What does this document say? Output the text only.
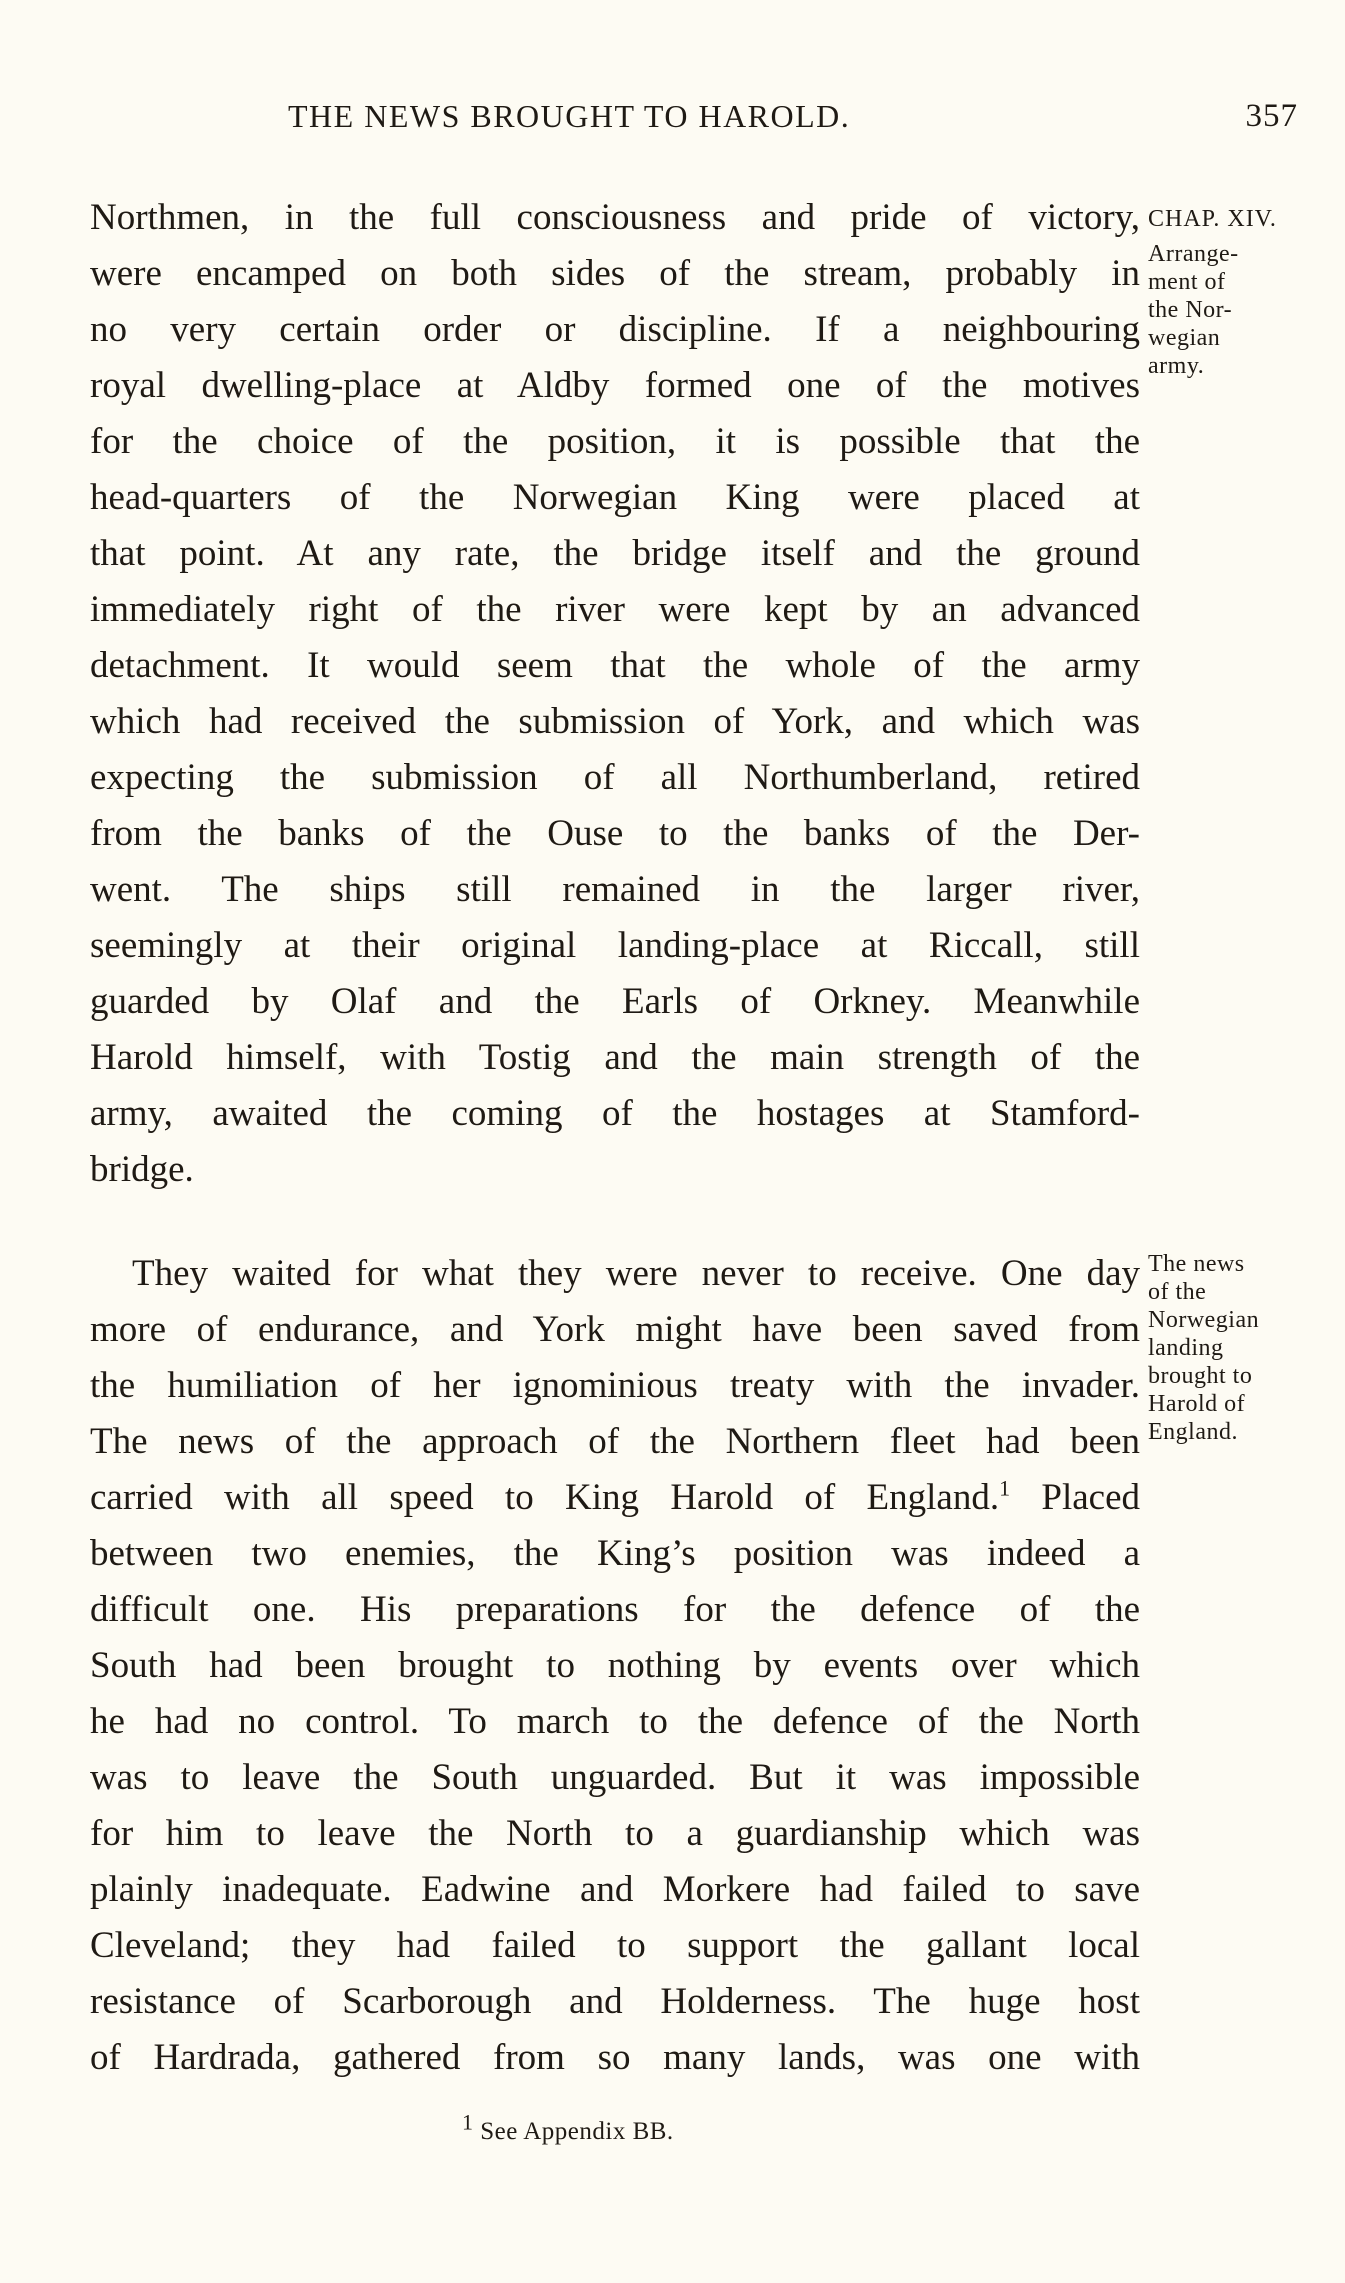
THE NEWS BROUGHT TO HAROLD.	357
CHAP. XIV.
Arrange-
ment of
the Nor-
wegian
army.
The news
of the
Norwegian
landing
brought to
Harold of
England.
Northmen, in the full consciousness and pride of victory,
were encamped on both sides of the stream, probably in
no very certain order or discipline. If a neighbouring
royal dwelling-place at Aldby formed one of the motives
for the choice of the position, it is possible that the
head-quarters of the Norwegian King were placed at
that point. At any rate, the bridge itself and the ground
immediately right of the river were kept by an advanced
detachment. It would seem that the whole of the army
which had received the submission of York, and which was
expecting the submission of all Northumberland, retired
from the banks of the Ouse to the banks of the Der-
went. The ships still remained in the larger river,
seemingly at their original landing-place at Riccall, still
guarded by Olaf and the Earls of Orkney. Meanwhile
Harold himself, with Tostig and the main strength of the
army, awaited the coming of the hostages at Stamford-
bridge.
They waited for what they were never to receive. One day
more of endurance, and York might have been saved from
the humiliation of her ignominious treaty with the invader.
The news of the approach of the Northern fleet had been
carried with all speed to King Harold of England.$^1$ Placed
between two enemies, the King’s position was indeed a
difficult one. His preparations for the defence of the
South had been brought to nothing by events over which
he had no control. To march to the defence of the North
was to leave the South unguarded. But it was impossible
for him to leave the North to a guardianship which was
plainly inadequate. Eadwine and Morkere had failed to save
Cleveland; they had failed to support the gallant local
resistance of Scarborough and Holderness. The huge host
of Hardrada, gathered from so many lands, was one with
$^1$ See Appendix BB.
